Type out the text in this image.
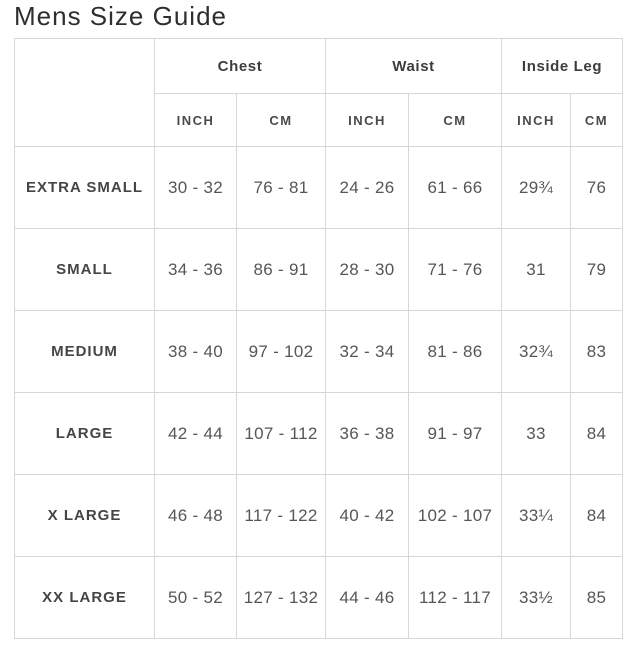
Mens Size Guide
	Chest		Waist		Inside Leg	
	INCH	CM	INCH	CM	INCH	CM
EXTRA SMALL	30 - 32	76 - 81	24 - 26	61 - 66	29¾	76
SMALL	34 - 36	86 - 91	28 - 30	71 - 76	31	79
MEDIUM	38 - 40	97 - 102	32 - 34	81 - 86	32¾	83
LARGE	42 - 44	107 - 112	36 - 38	91 - 97	33	84
X LARGE	46 - 48	117 - 122	40 - 42	102 - 107	33¼	84
XX LARGE	50 - 52	127 - 132	44 - 46	112 - 117	33½	85
